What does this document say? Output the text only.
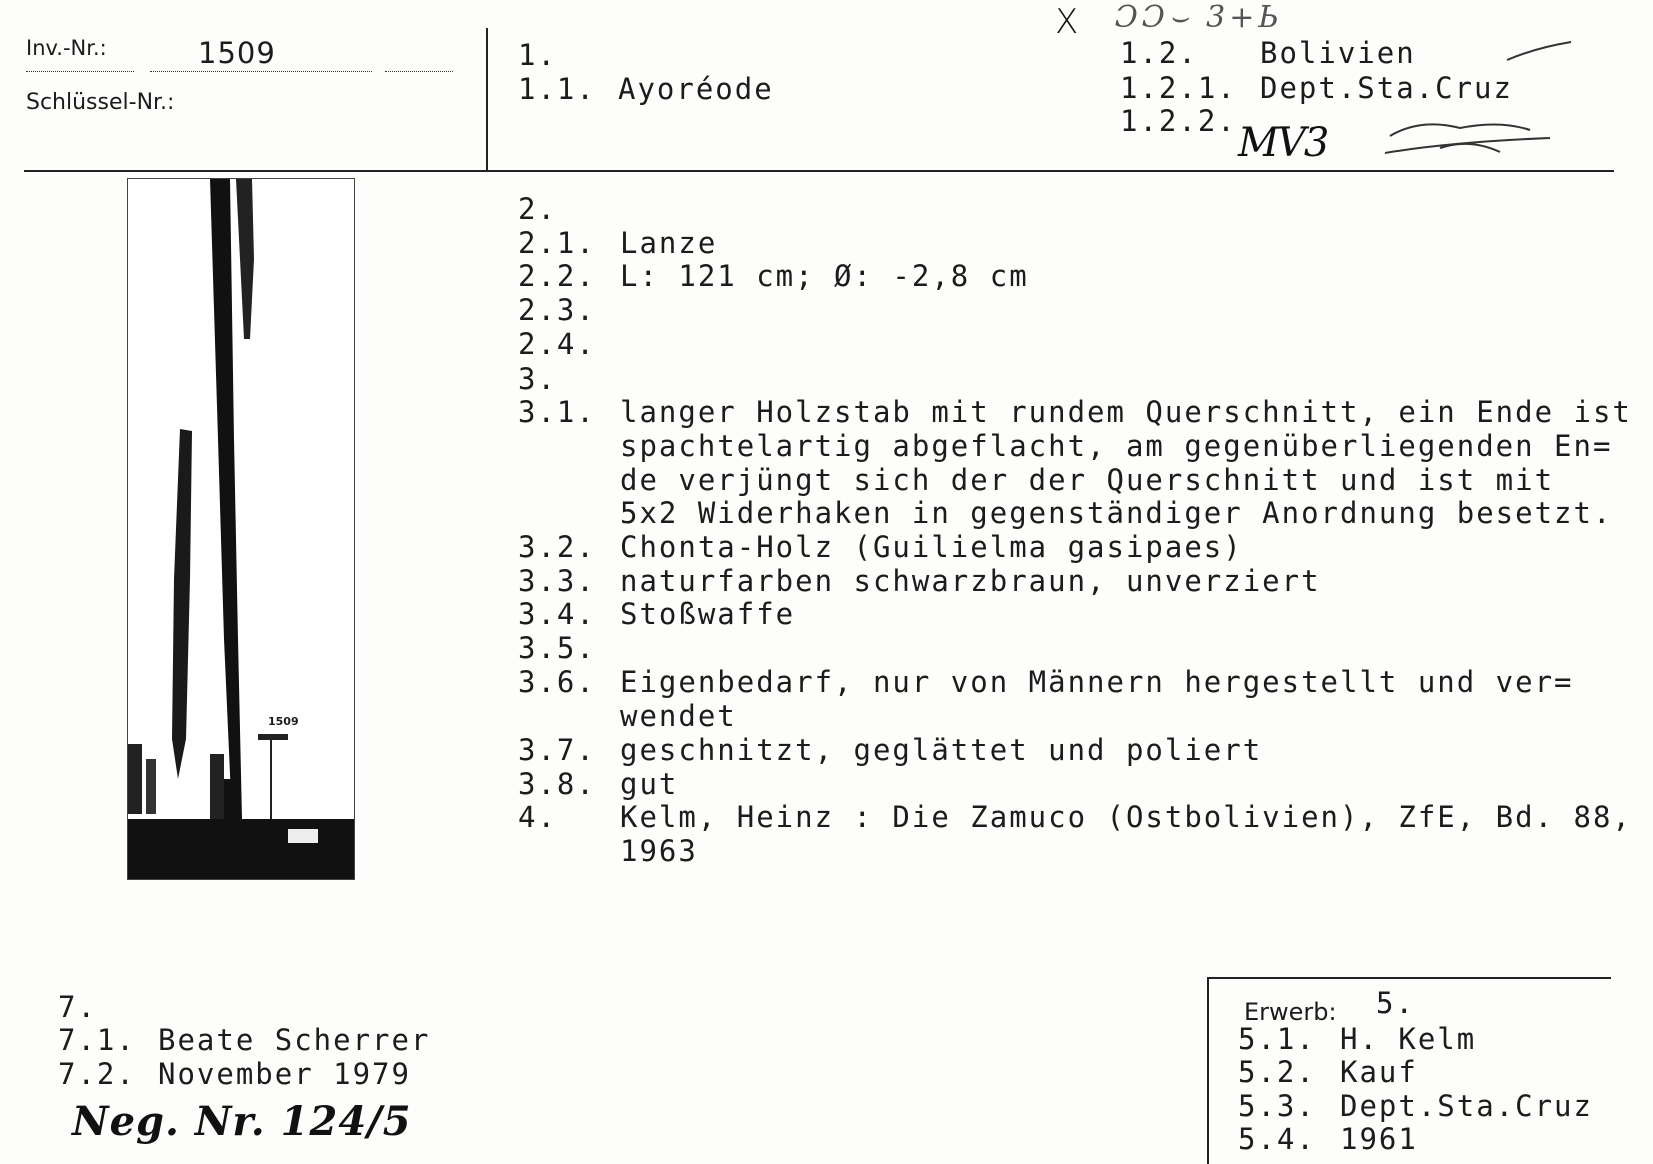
Inv.-Nr.:	1509
Schlüssel-Nr.:
1.
1.1. Ayoréode
1.2. Bolivien
1.2.1. Dept.Sta.Cruz
1.2.2.
X ƆƆ⌣ 3+Ь
MV3
1509
2.
2.1. Lanze
2.2. L: 121 cm; Ø: -2,8 cm
2.3.
2.4.
3.
3.1. langer Holzstab mit rundem Querschnitt, ein Ende ist
spachtelartig abgeflacht, am gegenüberliegenden En=
de verjüngt sich der der Querschnitt und ist mit
5x2 Widerhaken in gegenständiger Anordnung besetzt.
3.2. Chonta-Holz (Guilielma gasipaes)
3.3. naturfarben schwarzbraun, unverziert
3.4. Stoßwaffe
3.5.
3.6. Eigenbedarf, nur von Männern hergestellt und ver=
wendet
3.7. geschnitzt, geglättet und poliert
3.8. gut
4. Kelm, Heinz : Die Zamuco (Ostbolivien), ZfE, Bd. 88,
1963
7.
7.1. Beate Scherrer
7.2. November 1979
Neg. Nr. 124/5
Erwerb: 5.
5.1. H. Kelm
5.2. Kauf
5.3. Dept.Sta.Cruz
5.4. 1961
